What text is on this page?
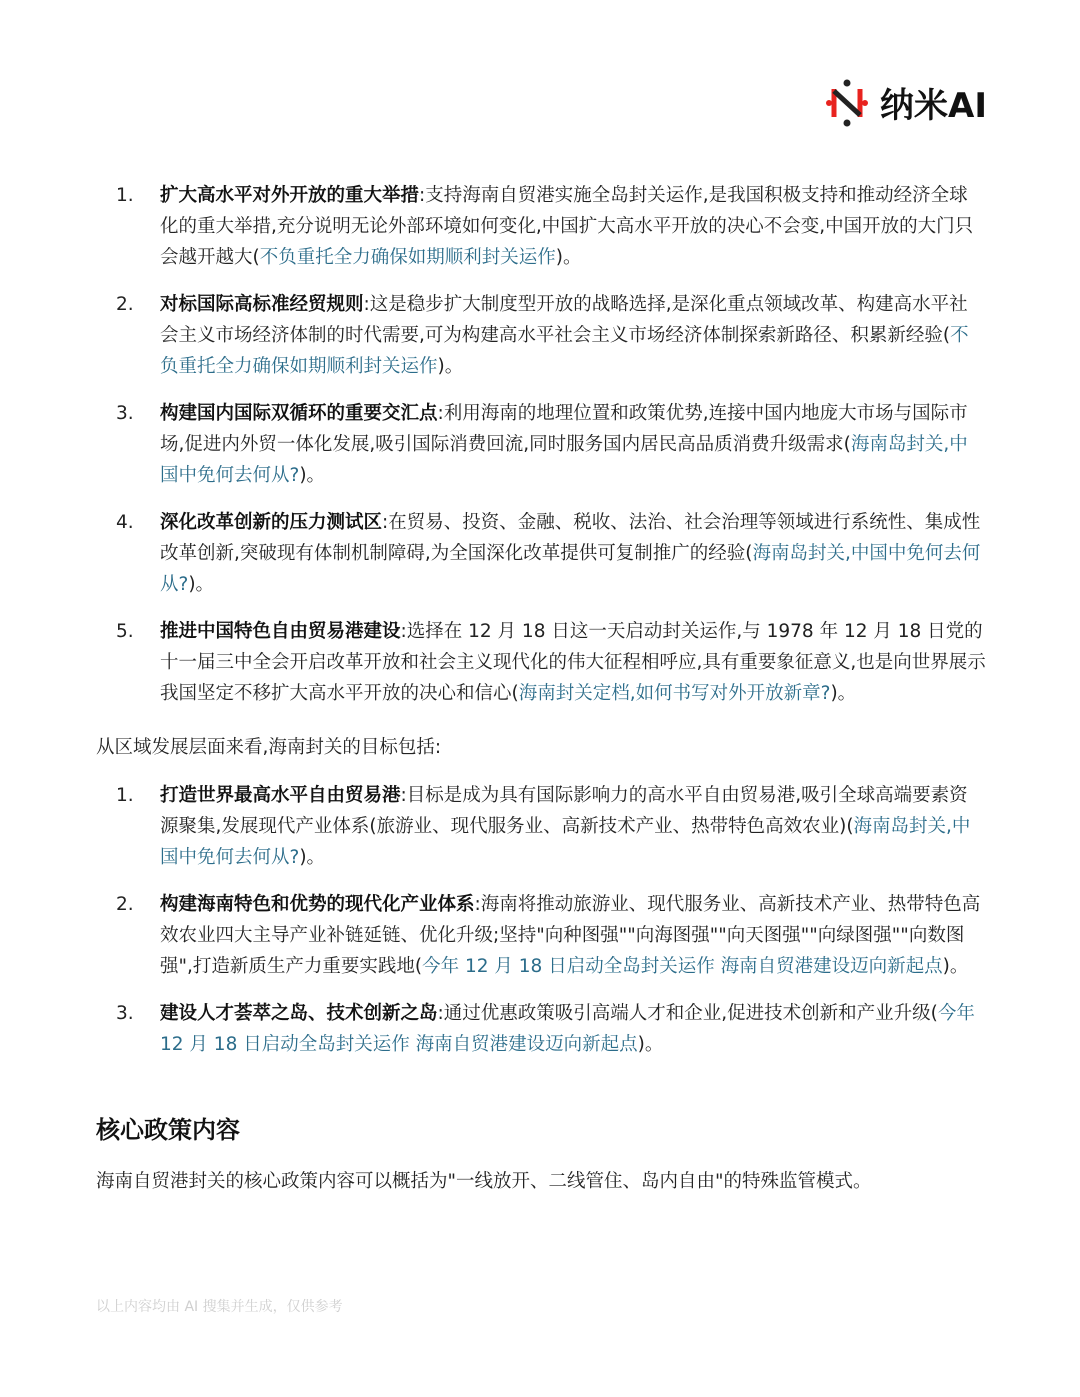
纳米AI
1.	扩大高水平对外开放的重大举措:支持海南自贸港实施全岛封关运作,是我国积极支持和推动经济全球化的重大举措,充分说明无论外部环境如何变化,中国扩大高水平开放的决心不会变,中国开放的大门只会越开越大(不负重托全力确保如期顺利封关运作)。
2.	对标国际高标准经贸规则:这是稳步扩大制度型开放的战略选择,是深化重点领域改革、构建高水平社会主义市场经济体制的时代需要,可为构建高水平社会主义市场经济体制探索新路径、积累新经验(不负重托全力确保如期顺利封关运作)。
3.	构建国内国际双循环的重要交汇点:利用海南的地理位置和政策优势,连接中国内地庞大市场与国际市场,促进内外贸一体化发展,吸引国际消费回流,同时服务国内居民高品质消费升级需求(海南岛封关,中国中免何去何从?)。
4.	深化改革创新的压力测试区:在贸易、投资、金融、税收、法治、社会治理等领域进行系统性、集成性改革创新,突破现有体制机制障碍,为全国深化改革提供可复制推广的经验(海南岛封关,中国中免何去何从?)。
5.	推进中国特色自由贸易港建设:选择在 12 月 18 日这一天启动封关运作,与 1978 年 12 月 18 日党的十一届三中全会开启改革开放和社会主义现代化的伟大征程相呼应,具有重要象征意义,也是向世界展示我国坚定不移扩大高水平开放的决心和信心(海南封关定档,如何书写对外开放新章?)。
从区域发展层面来看,海南封关的目标包括:
1.	打造世界最高水平自由贸易港:目标是成为具有国际影响力的高水平自由贸易港,吸引全球高端要素资源聚集,发展现代产业体系(旅游业、现代服务业、高新技术产业、热带特色高效农业)(海南岛封关,中国中免何去何从?)。
2.	构建海南特色和优势的现代化产业体系:海南将推动旅游业、现代服务业、高新技术产业、热带特色高效农业四大主导产业补链延链、优化升级;坚持"向种图强""向海图强""向天图强""向绿图强""向数图强",打造新质生产力重要实践地(今年 12 月 18 日启动全岛封关运作 海南自贸港建设迈向新起点)。
3.	建设人才荟萃之岛、技术创新之岛:通过优惠政策吸引高端人才和企业,促进技术创新和产业升级(今年 12 月 18 日启动全岛封关运作 海南自贸港建设迈向新起点)。
核心政策内容
海南自贸港封关的核心政策内容可以概括为"一线放开、二线管住、岛内自由"的特殊监管模式。
以上内容均由 AI 搜集并生成，仅供参考
